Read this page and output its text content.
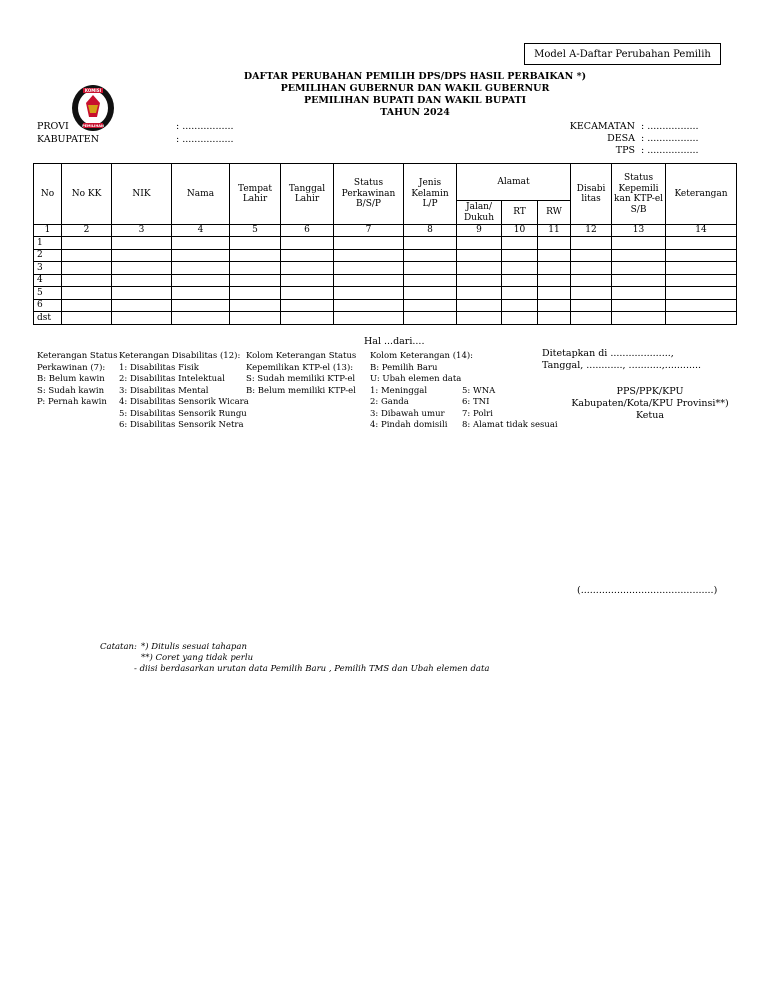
Model A-Daftar Perubahan Pemilih
DAFTAR PERUBAHAN PEMILIH DPS/DPS HASIL PERBAIKAN *)
PEMILIHAN GUBERNUR DAN WAKIL GUBERNUR
PEMILIHAN BUPATI DAN WAKIL BUPATI
TAHUN 2024
KOMISI
PEMILIHAN
PROVI	: .................
KABUPATEN	: .................
KECAMATAN : .................
DESA : .................
TPS : .................
No	No KK	NIK	Nama	Tempat Lahir	Tanggal Lahir	Status Perkawinan B/S/P	Jenis Kelamin L/P	Alamat			Disabi litas	Status Kepemili kan KTP-el S/B	Keterangan
								Jalan/ Dukuh	RT	RW			
1	2	3	4	5	6	7	8	9	10	11	12	13	14
1													
2													
3													
4													
5													
6													
dst													
Hal ...dari....
Keterangan Status
Perkawinan (7):
B: Belum kawin
S: Sudah kawin
P: Pernah kawin
Keterangan Disabilitas (12):
1: Disabilitas Fisik
2: Disabilitas Intelektual
3: Disabilitas Mental
4: Disabilitas Sensorik Wicara
5: Disabilitas Sensorik Rungu
6: Disabilitas Sensorik Netra
Kolom Keterangan Status
Kepemilikan KTP-el (13):
S: Sudah memiliki KTP-el
B: Belum memiliki KTP-el
Kolom Keterangan (14):
B: Pemilih Baru
U: Ubah elemen data
1: Meninggal
2: Ganda
3: Dibawah umur
4: Pindah domisili
5: WNA
6: TNI
7: Polri
8: Alamat tidak sesuai
Ditetapkan di ....................,
Tanggal, ............, ...........,............
PPS/PPK/KPU
Kabupaten/Kota/KPU Provinsi**)
Ketua
(............................................)
Catatan: *) Ditulis sesuai tahapan
**) Coret yang tidak perlu
- diisi berdasarkan urutan data Pemilih Baru , Pemilih TMS dan Ubah elemen data
